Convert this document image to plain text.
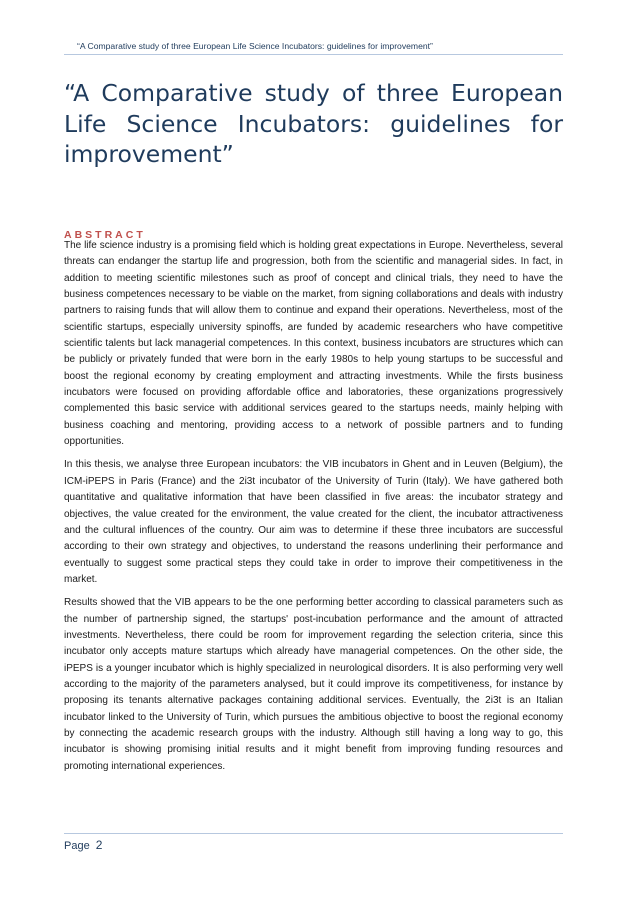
“A Comparative study of three European Life Science Incubators: guidelines for improvement”
“A Comparative study of three European Life Science Incubators: guidelines for improvement”
ABSTRACT

The life science industry is a promising field which is holding great expectations in Europe. Nevertheless, several threats can endanger the startup life and progression, both from the scientific and managerial sides. In fact, in addition to meeting scientific milestones such as proof of concept and clinical trials, they need to have the business competences necessary to be viable on the market, from signing collaborations and deals with industry partners to raising funds that will allow them to continue and expand their operations. Nevertheless, most of the scientific startups, especially university spinoffs, are funded by academic researchers who have competitive scientific talents but lack managerial competences. In this context, business incubators are structures which can be publicly or privately funded that were born in the early 1980s to help young startups to be successful and boost the regional economy by creating employment and attracting investments. While the firsts business incubators were focused on providing affordable office and laboratories, these organizations progressively complemented this basic service with additional services geared to the startups needs, mainly helping with business coaching and mentoring, providing access to a network of possible partners and to funding opportunities.

In this thesis, we analyse three European incubators: the VIB incubators in Ghent and in Leuven (Belgium), the ICM-iPEPS in Paris (France) and the 2i3t incubator of the University of Turin (Italy). We have gathered both quantitative and qualitative information that have been classified in five areas: the incubator strategy and objectives, the value created for the environment, the value created for the client, the incubator attractiveness and the cultural influences of the country. Our aim was to determine if these three incubators are successful according to their own strategy and objectives, to understand the reasons underlining their performance and eventually to suggest some practical steps they could take in order to improve their competitiveness in the market.

Results showed that the VIB appears to be the one performing better according to classical parameters such as the number of partnership signed, the startups' post-incubation performance and the amount of attracted investments. Nevertheless, there could be room for improvement regarding the selection criteria, since this incubator only accepts mature startups which already have managerial competences. On the other side, the iPEPS is a younger incubator which is highly specialized in neurological disorders. It is also performing very well according to the majority of the parameters analysed, but it could improve its competitiveness, for instance by proposing its tenants alternative packages containing additional services. Eventually, the 2i3t is an Italian incubator linked to the University of Turin, which pursues the ambitious objective to boost the regional economy by connecting the academic research groups with the industry. Although still having a long way to go, this incubator is showing promising initial results and it might benefit from improving funding resources and promoting international experiences.

Page 2
